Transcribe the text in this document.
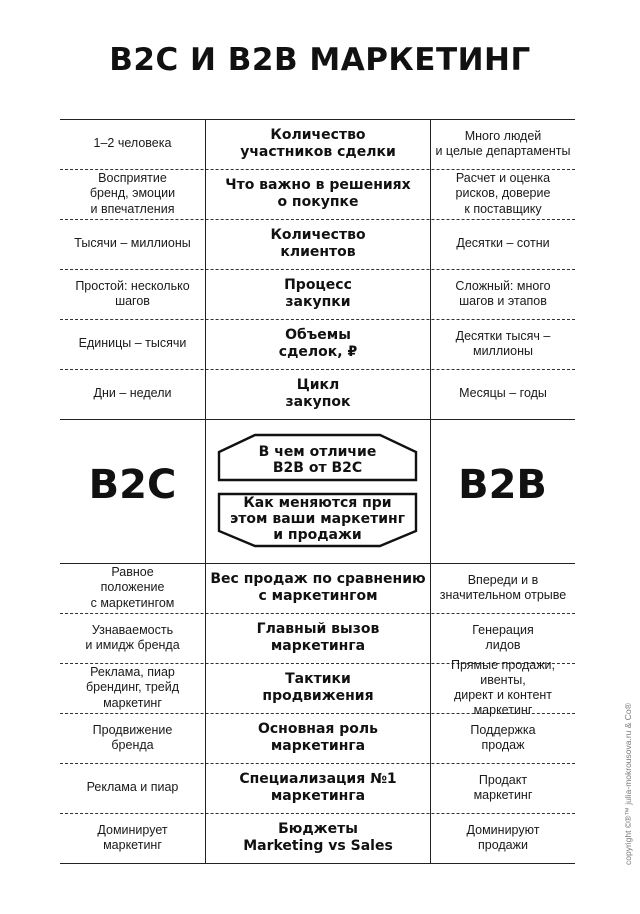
B2C И B2B МАРКЕТИНГ
1–2 человека
Количество
участников сделки
Много людей
и целые департаменты
Восприятие
бренд, эмоции
и впечатления
Что важно в решениях
о покупке
Расчет и оценка
рисков, доверие
к поставщику
Тысячи – миллионы
Количество
клиентов
Десятки – сотни
Простой: несколько
шагов
Процесс
закупки
Сложный: много
шагов и этапов
Единицы – тысячи
Объемы
сделок, ₽
Десятки тысяч –
миллионы
Дни – недели
Цикл
закупок
Месяцы – годы
Равное
положение
с маркетингом
Вес продаж по сравнению
с маркетингом
Впереди и в
значительном отрыве
Узнаваемость
и имидж бренда
Главный вызов
маркетинга
Генерация
лидов
Реклама, пиар
брендинг, трейд
маркетинг
Тактики
продвижения
Прямые продажи, ивенты,
директ и контент
маркетинг
Продвижение
бренда
Основная роль
маркетинга
Поддержка
продаж
Реклама и пиар
Специализация №1
маркетинга
Продакт
маркетинг
Доминирует
маркетинг
Бюджеты
Marketing vs Sales
Доминируют
продажи
B2C	B2B
В чем отличие
B2B от B2C
Как меняются при
этом ваши маркетинг
и продажи
copyright ©®™ julia-mokrousova.ru & Co®
